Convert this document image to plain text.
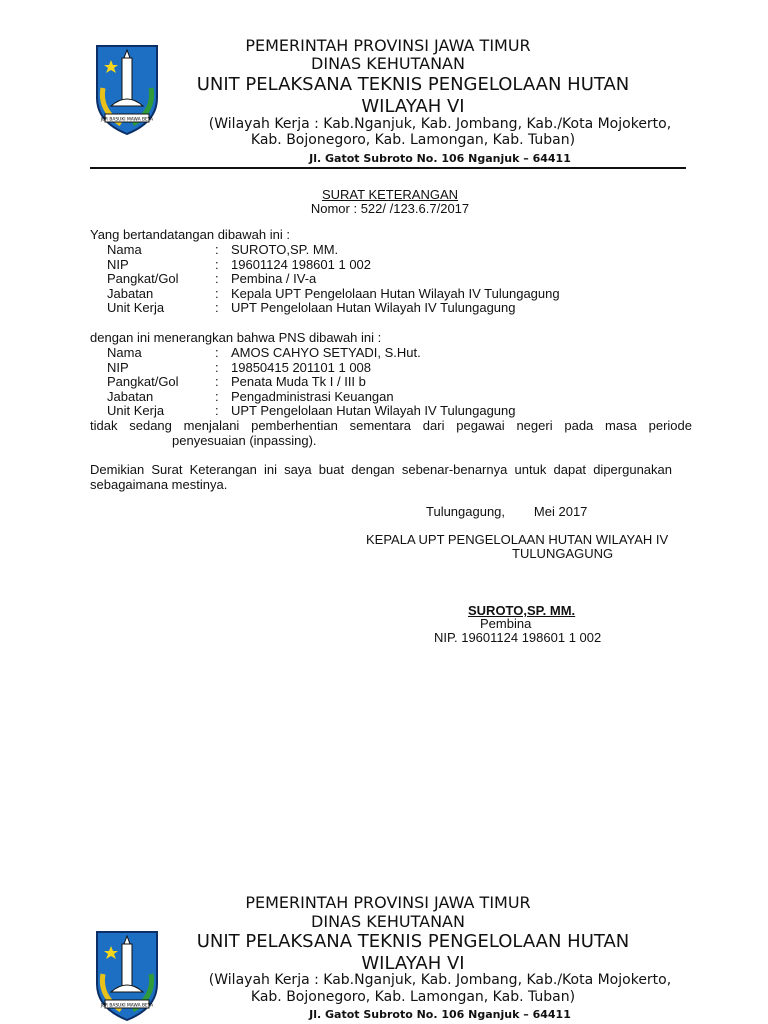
JER BASUKI MAWA BEYA
PEMERINTAH PROVINSI JAWA TIMUR
DINAS KEHUTANAN
UNIT PELAKSANA TEKNIS PENGELOLAAN HUTAN
WILAYAH VI
(Wilayah Kerja : Kab.Nganjuk, Kab. Jombang, Kab./Kota Mojokerto,
Kab. Bojonegoro, Kab. Lamongan, Kab. Tuban)
Jl. Gatot Subroto No. 106 Nganjuk – 64411
SURAT KETERANGAN
Nomor : 522/ /123.6.7/2017
Yang bertandatangan dibawah ini :
Nama	: SUROTO,SP. MM.
NIP	: 19601124 198601 1 002
Pangkat/Gol	: Pembina / IV-a
Jabatan	: Kepala UPT Pengelolaan Hutan Wilayah IV Tulungagung
Unit Kerja	: UPT Pengelolaan Hutan Wilayah IV Tulungagung
dengan ini menerangkan bahwa PNS dibawah ini :
Nama	: AMOS CAHYO SETYADI, S.Hut.
NIP	: 19850415 201101 1 008
Pangkat/Gol	: Penata Muda Tk I / III b
Jabatan	: Pengadministrasi Keuangan
Unit Kerja	: UPT Pengelolaan Hutan Wilayah IV Tulungagung
tidak sedang menjalani pemberhentian sementara dari pegawai negeri pada masa periode
penyesuaian (inpassing).
Demikian Surat Keterangan ini saya buat dengan sebenar-benarnya untuk dapat dipergunakan
sebagaimana mestinya.
Tulungagung,        Mei 2017
KEPALA UPT PENGELOLAAN HUTAN WILAYAH IV
TULUNGAGUNG
SUROTO,SP. MM.
Pembina
NIP. 19601124 198601 1 002
JER BASUKI MAWA BEYA
PEMERINTAH PROVINSI JAWA TIMUR
DINAS KEHUTANAN
UNIT PELAKSANA TEKNIS PENGELOLAAN HUTAN
WILAYAH VI
(Wilayah Kerja : Kab.Nganjuk, Kab. Jombang, Kab./Kota Mojokerto,
Kab. Bojonegoro, Kab. Lamongan, Kab. Tuban)
Jl. Gatot Subroto No. 106 Nganjuk – 64411
